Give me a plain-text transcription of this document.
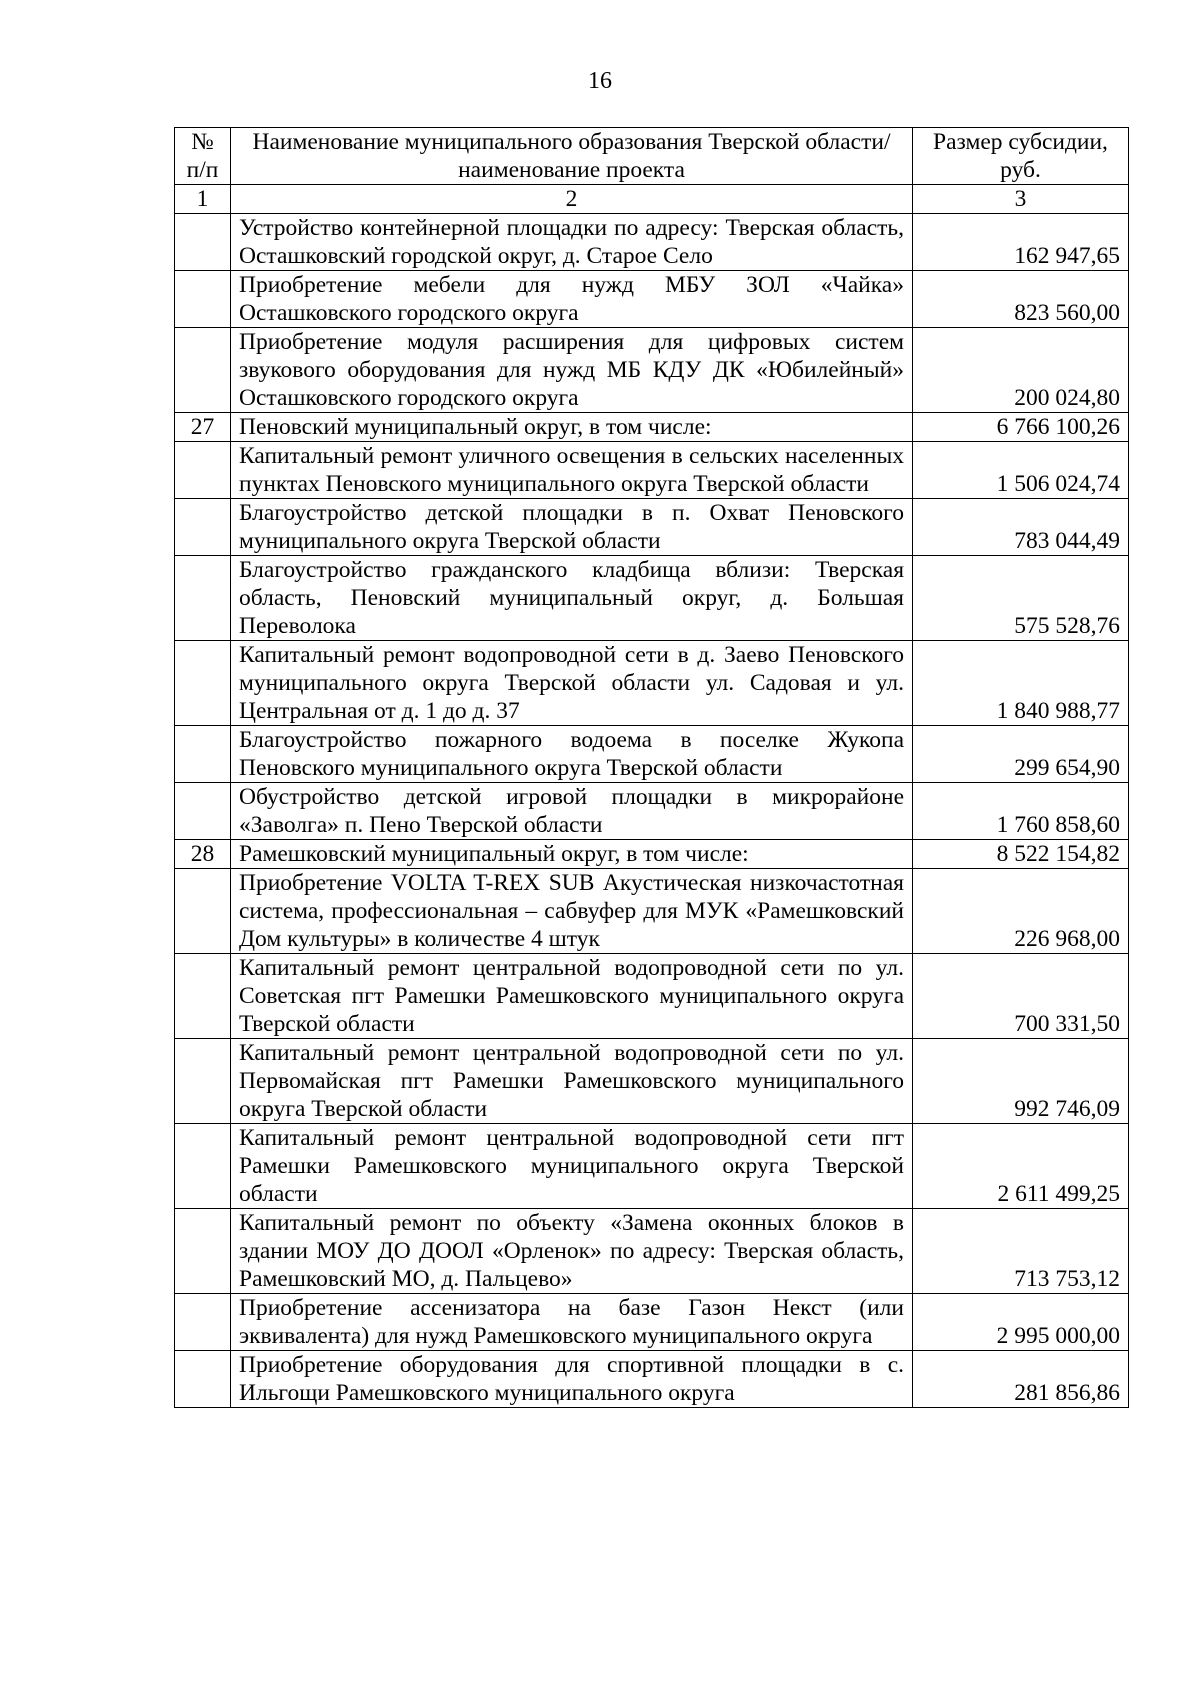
16
№ п/п	Наименование муниципального образования Тверской области/наименование проекта	Размер субсидии, руб.
1	2	3
	Устройство контейнерной площадки по адресу: Тверская область, Осташковский городской округ, д. Старое Село	162 947,65
	Приобретение мебели для нужд МБУ ЗОЛ «Чайка» Осташковского городского округа	823 560,00
	Приобретение модуля расширения для цифровых систем звукового оборудования для нужд МБ КДУ ДК «Юбилейный» Осташковского городского округа	200 024,80
27	Пеновский муниципальный округ, в том числе:	6 766 100,26
	Капитальный ремонт уличного освещения в сельских населенных пунктах Пеновского муниципального округа Тверской области	1 506 024,74
	Благоустройство детской площадки в п. Охват Пеновского муниципального округа Тверской области	783 044,49
	Благоустройство гражданского кладбища вблизи: Тверская область, Пеновский муниципальный округ, д. Большая Переволока	575 528,76
	Капитальный ремонт водопроводной сети в д. Заево Пеновского муниципального округа Тверской области ул. Садовая и ул. Центральная от д. 1 до д. 37	1 840 988,77
	Благоустройство пожарного водоема в поселке Жукопа Пеновского муниципального округа Тверской области	299 654,90
	Обустройство детской игровой площадки в микрорайоне «Заволга» п. Пено Тверской области	1 760 858,60
28	Рамешковский муниципальный округ, в том числе:	8 522 154,82
	Приобретение VOLTA T-REX SUB Акустическая низкочастотная система, профессиональная – сабвуфер для МУК «Рамешковский Дом культуры» в количестве 4 штук	226 968,00
	Капитальный ремонт центральной водопроводной сети по ул. Советская пгт Рамешки Рамешковского муниципального округа Тверской области	700 331,50
	Капитальный ремонт центральной водопроводной сети по ул. Первомайская пгт Рамешки Рамешковского муниципального округа Тверской области	992 746,09
	Капитальный ремонт центральной водопроводной сети пгт Рамешки Рамешковского муниципального округа Тверской области	2 611 499,25
	Капитальный ремонт по объекту «Замена оконных блоков в здании МОУ ДО ДООЛ «Орленок» по адресу: Тверская область, Рамешковский МО, д. Пальцево»	713 753,12
	Приобретение ассенизатора на базе Газон Некст (или эквивалента) для нужд Рамешковского муниципального округа	2 995 000,00
	Приобретение оборудования для спортивной площадки в с. Ильгощи Рамешковского муниципального округа	281 856,86
